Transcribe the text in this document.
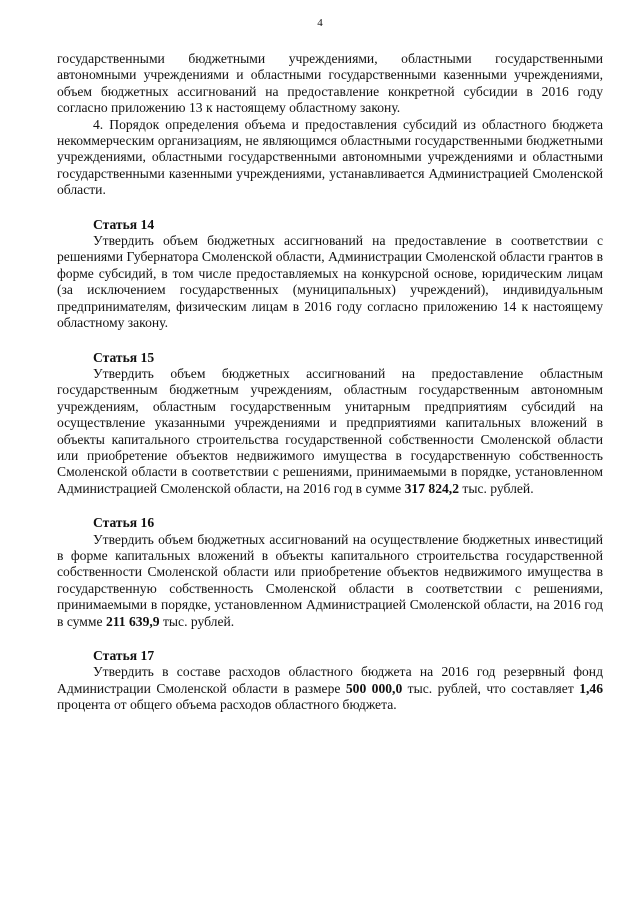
4

государственными бюджетными учреждениями, областными государственными автономными учреждениями и областными государственными казенными учреждениями, объем бюджетных ассигнований на предоставление конкретной субсидии в 2016 году согласно приложению 13 к настоящему областному закону.

4. Порядок определения объема и предоставления субсидий из областного бюджета некоммерческим организациям, не являющимся областными государственными бюджетными учреждениями, областными государственными автономными учреждениями и областными государственными казенными учреждениями, устанавливается Администрацией Смоленской области.

Статья 14

Утвердить объем бюджетных ассигнований на предоставление в соответствии с решениями Губернатора Смоленской области, Администрации Смоленской области грантов в форме субсидий, в том числе предоставляемых на конкурсной основе, юридическим лицам (за исключением государственных (муниципальных) учреждений), индивидуальным предпринимателям, физическим лицам в 2016 году согласно приложению 14 к настоящему областному закону.

Статья 15

Утвердить объем бюджетных ассигнований на предоставление областным государственным бюджетным учреждениям, областным государственным автономным учреждениям, областным государственным унитарным предприятиям субсидий на осуществление указанными учреждениями и предприятиями капитальных вложений в объекты капитального строительства государственной собственности Смоленской области или приобретение объектов недвижимого имущества в государственную собственность Смоленской области в соответствии с решениями, принимаемыми в порядке, установленном Администрацией Смоленской области, на 2016 год в сумме 317 824,2 тыс. рублей.

Статья 16

Утвердить объем бюджетных ассигнований на осуществление бюджетных инвестиций в форме капитальных вложений в объекты капитального строительства государственной собственности Смоленской области или приобретение объектов недвижимого имущества в государственную собственность Смоленской области в соответствии с решениями, принимаемыми в порядке, установленном Администрацией Смоленской области, на 2016 год в сумме 211 639,9 тыс. рублей.

Статья 17

Утвердить в составе расходов областного бюджета на 2016 год резервный фонд Администрации Смоленской области в размере 500 000,0 тыс. рублей, что составляет 1,46 процента от общего объема расходов областного бюджета.
